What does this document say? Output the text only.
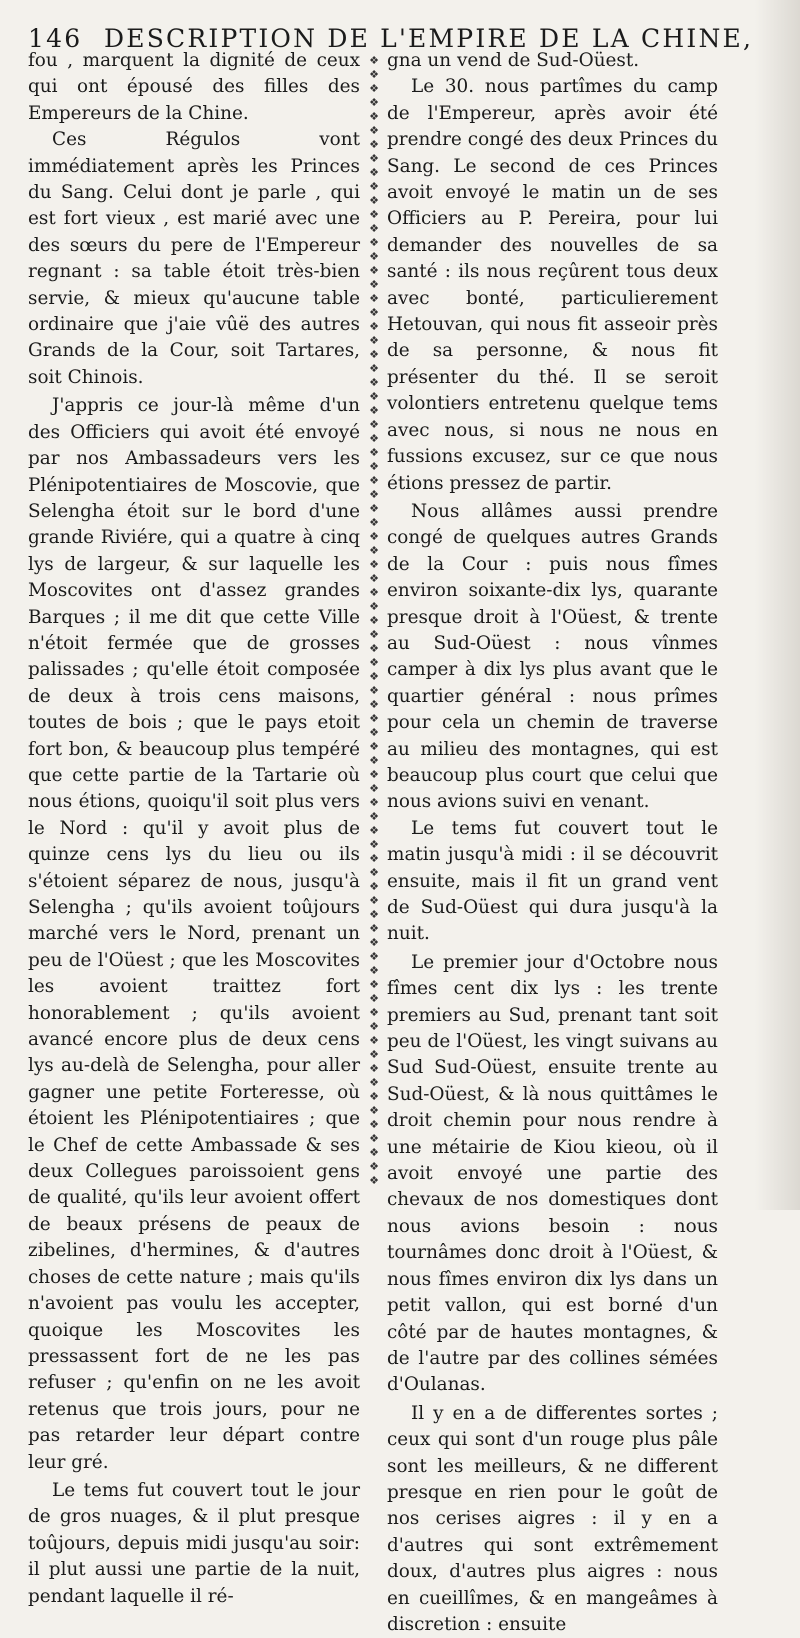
146 DESCRIPTION DE L'EMPIRE DE LA CHINE,

fou , marquent la dignité de ceux qui ont épousé des filles des Empereurs de la Chine.

Ces Régulos vont immédiatement après les Princes du Sang. Celui dont je parle , qui est fort vieux , est marié avec une des sœurs du pere de l'Empereur regnant : sa table étoit très-bien servie, & mieux qu'aucune table ordinaire que j'aie vûë des autres Grands de la Cour, soit Tartares, soit Chinois.

J'appris ce jour-là même d'un des Officiers qui avoit été envoyé par nos Ambassadeurs vers les Plénipotentiaires de Moscovie, que Selengha étoit sur le bord d'une grande Riviére, qui a quatre à cinq lys de largeur, & sur laquelle les Moscovites ont d'assez grandes Barques ; il me dit que cette Ville n'étoit fermée que de grosses palissades ; qu'elle étoit composée de deux à trois cens maisons, toutes de bois ; que le pays etoit fort bon, & beaucoup plus tempéré que cette partie de la Tartarie où nous étions, quoiqu'il soit plus vers le Nord : qu'il y avoit plus de quinze cens lys du lieu ou ils s'étoient séparez de nous, jusqu'à Selengha ; qu'ils avoient toûjours marché vers le Nord, prenant un peu de l'Oüest ; que les Moscovites les avoient traittez fort honorablement ; qu'ils avoient avancé encore plus de deux cens lys au-delà de Selengha, pour aller gagner une petite Forteresse, où étoient les Plénipotentiaires ; que le Chef de cette Ambassade & ses deux Collegues paroissoient gens de qualité, qu'ils leur avoient offert de beaux présens de peaux de zibelines, d'hermines, & d'autres choses de cette nature ; mais qu'ils n'avoient pas voulu les accepter, quoique les Moscovites les pressassent fort de ne les pas refuser ; qu'enfin on ne les avoit retenus que trois jours, pour ne pas retarder leur départ contre leur gré.

Le tems fut couvert tout le jour de gros nuages, & il plut presque toûjours, depuis midi jusqu'au soir: il plut aussi une partie de la nuit, pendant laquelle il ré-

❖
❖
❖
❖
❖
❖
❖
❖
❖
❖
❖
❖
❖
❖
❖
❖
❖
❖
❖
❖
❖
❖
❖
❖
❖
❖
❖
❖
❖
❖
❖
❖
❖
❖
❖
❖
❖
❖
❖
❖
❖
❖
❖
❖
❖
❖
❖
❖
❖
❖
❖
❖
❖
❖
❖
❖
❖
❖
❖
❖
❖
❖
❖
❖
❖
❖
❖
❖
❖
❖
❖
❖
❖
❖
❖
❖
❖
❖
❖
❖
❖

gna un vend de Sud-Oüest.

Le 30. nous partîmes du camp de l'Empereur, après avoir été prendre congé des deux Princes du Sang. Le second de ces Princes avoit envoyé le matin un de ses Officiers au P. Pereira, pour lui demander des nouvelles de sa santé : ils nous reçûrent tous deux avec bonté, particulierement Hetouvan, qui nous fit asseoir près de sa personne, & nous fit présenter du thé. Il se seroit volontiers entretenu quelque tems avec nous, si nous ne nous en fussions excusez, sur ce que nous étions pressez de partir.

Nous allâmes aussi prendre congé de quelques autres Grands de la Cour : puis nous fîmes environ soixante-dix lys, quarante presque droit à l'Oüest, & trente au Sud-Oüest : nous vînmes camper à dix lys plus avant que le quartier général : nous prîmes pour cela un chemin de traverse au milieu des montagnes, qui est beaucoup plus court que celui que nous avions suivi en venant.

Le tems fut couvert tout le matin jusqu'à midi : il se découvrit ensuite, mais il fit un grand vent de Sud-Oüest qui dura jusqu'à la nuit.

Le premier jour d'Octobre nous fîmes cent dix lys : les trente premiers au Sud, prenant tant soit peu de l'Oüest, les vingt suivans au Sud Sud-Oüest, ensuite trente au Sud-Oüest, & là nous quittâmes le droit chemin pour nous rendre à une métairie de Kiou kieou, où il avoit envoyé une partie des chevaux de nos domestiques dont nous avions besoin : nous tournâmes donc droit à l'Oüest, & nous fîmes environ dix lys dans un petit vallon, qui est borné d'un côté par de hautes montagnes, & de l'autre par des collines sémées d'Oulanas.

Il y en a de differentes sortes ; ceux qui sont d'un rouge plus pâle sont les meilleurs, & ne different presque en rien pour le goût de nos cerises aigres : il y en a d'autres qui sont extrêmement doux, d'autres plus aigres : nous en cueillîmes, & en mangeâmes à discretion : ensuite
